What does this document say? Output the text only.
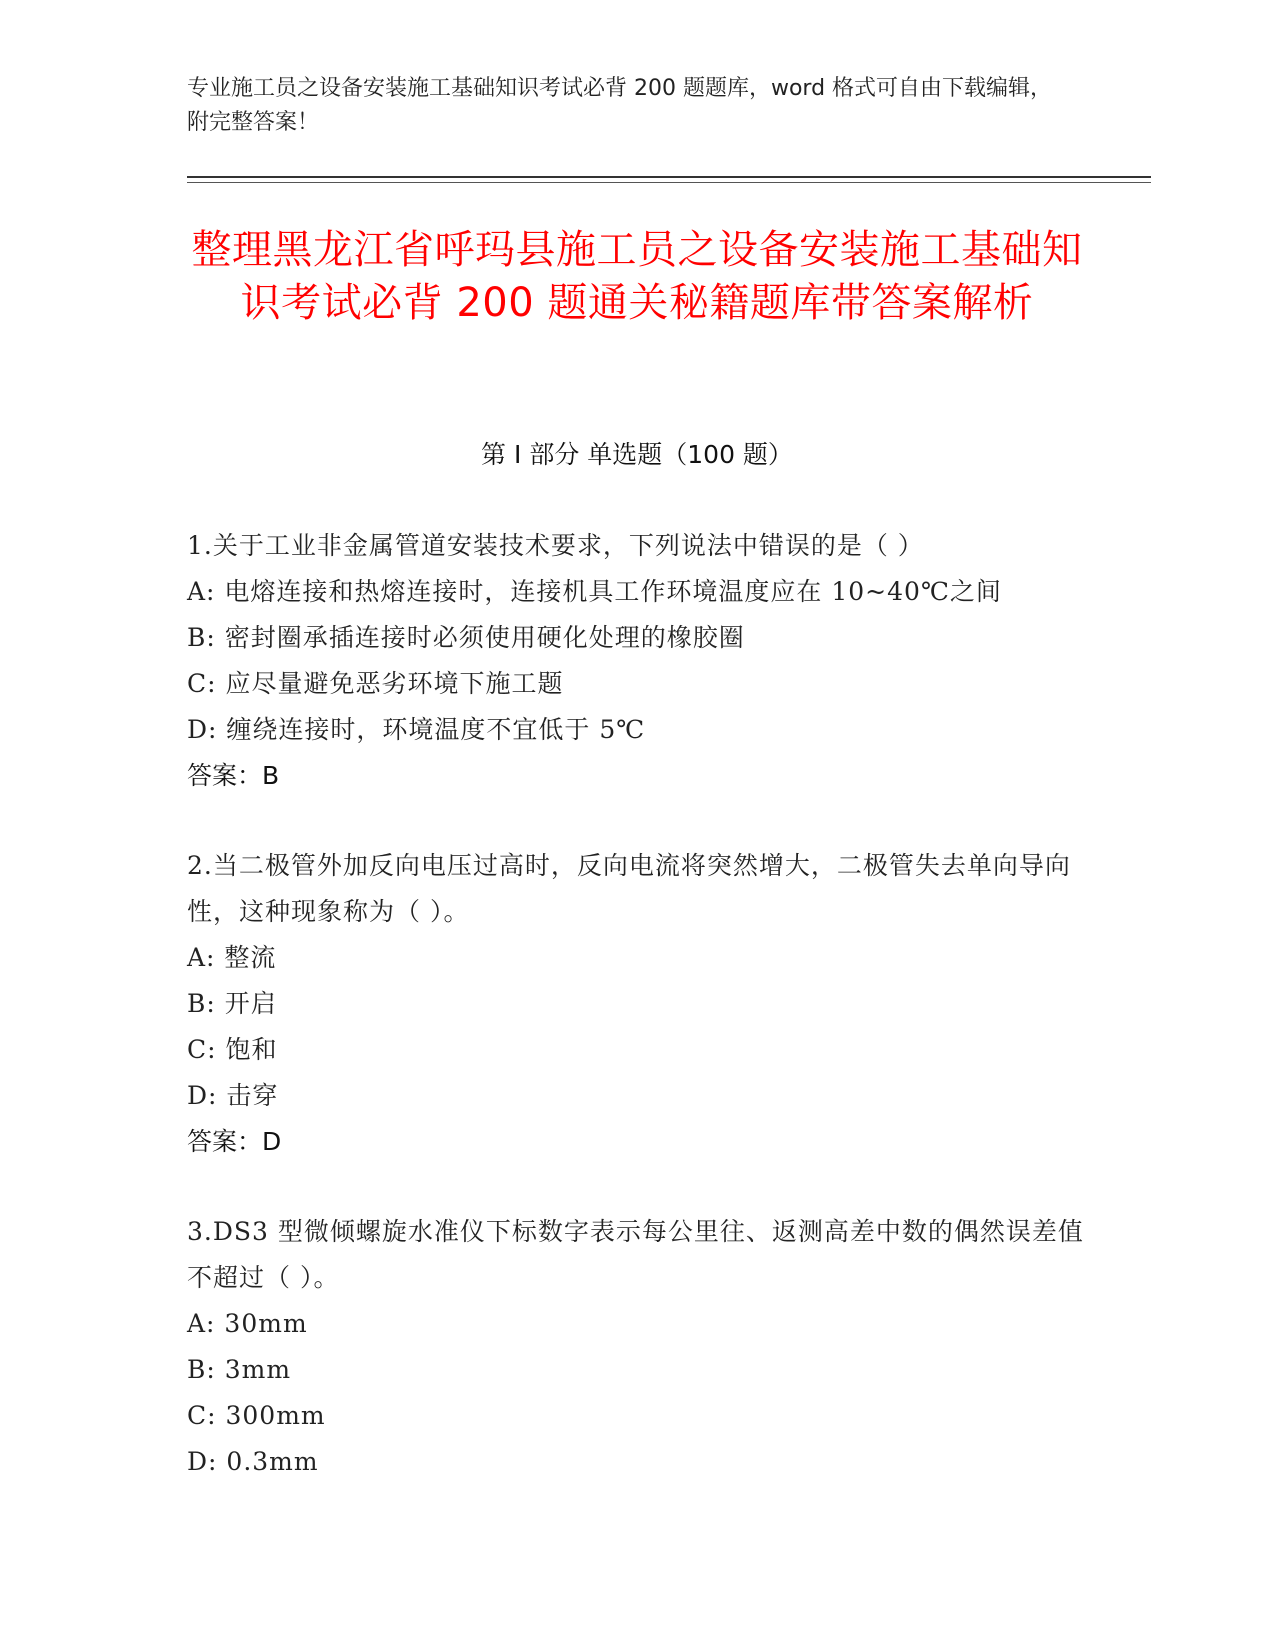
专业施工员之设备安装施工基础知识考试必背 200 题题库，word 格式可自由下载编辑，附完整答案！
整理黑龙江省呼玛县施工员之设备安装施工基础知识考试必背 200 题通关秘籍题库带答案解析
第 I 部分 单选题（100 题）
1.关于工业非金属管道安装技术要求，下列说法中错误的是（ ）
A: 电熔连接和热熔连接时，连接机具工作环境温度应在 10~40℃之间
B: 密封圈承插连接时必须使用硬化处理的橡胶圈
C: 应尽量避免恶劣环境下施工题
D: 缠绕连接时，环境温度不宜低于 5℃
答案：B
2.当二极管外加反向电压过高时，反向电流将突然增大，二极管失去单向导向性，这种现象称为（ ）。
A: 整流
B: 开启
C: 饱和
D: 击穿
答案：D
3.DS3 型微倾螺旋水准仪下标数字表示每公里往、返测高差中数的偶然误差值不超过（ ）。
A: 30mm
B: 3mm
C: 300mm
D: 0.3mm
